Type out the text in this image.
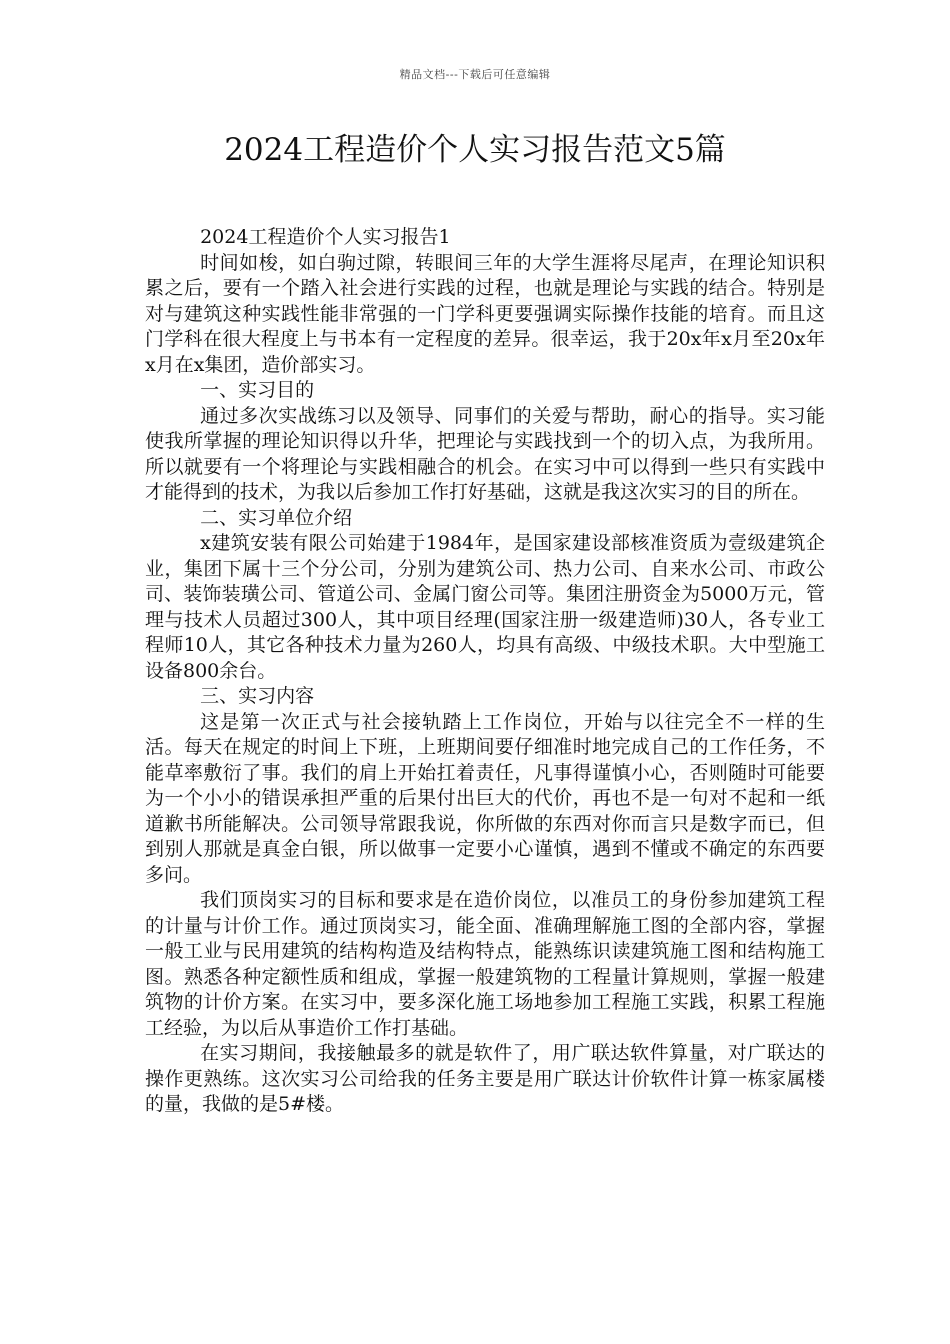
精品文档---下载后可任意编辑
2024工程造价个人实习报告范文5篇

2024工程造价个人实习报告1

时间如梭，如白驹过隙，转眼间三年的大学生涯将尽尾声，在理论知识积累之后，要有一个踏入社会进行实践的过程，也就是理论与实践的结合。特别是对与建筑这种实践性能非常强的一门学科更要强调实际操作技能的培育。而且这门学科在很大程度上与书本有一定程度的差异。很幸运，我于20x年x月至20x年x月在x集团，造价部实习。

一、实习目的

通过多次实战练习以及领导、同事们的关爱与帮助，耐心的指导。实习能使我所掌握的理论知识得以升华，把理论与实践找到一个的切入点，为我所用。所以就要有一个将理论与实践相融合的机会。在实习中可以得到一些只有实践中才能得到的技术，为我以后参加工作打好基础，这就是我这次实习的目的所在。

二、实习单位介绍

x建筑安装有限公司始建于1984年，是国家建设部核准资质为壹级建筑企业，集团下属十三个分公司，分别为建筑公司、热力公司、自来水公司、市政公司、装饰装璜公司、管道公司、金属门窗公司等。集团注册资金为5000万元，管理与技术人员超过300人，其中项目经理(国家注册一级建造师)30人，各专业工程师10人，其它各种技术力量为260人，均具有高级、中级技术职。大中型施工设备800余台。

三、实习内容

这是第一次正式与社会接轨踏上工作岗位，开始与以往完全不一样的生活。每天在规定的时间上下班，上班期间要仔细准时地完成自己的工作任务，不能草率敷衍了事。我们的肩上开始扛着责任，凡事得谨慎小心，否则随时可能要为一个小小的错误承担严重的后果付出巨大的代价，再也不是一句对不起和一纸道歉书所能解决。公司领导常跟我说，你所做的东西对你而言只是数字而已，但到别人那就是真金白银，所以做事一定要小心谨慎，遇到不懂或不确定的东西要多问。

我们顶岗实习的目标和要求是在造价岗位，以准员工的身份参加建筑工程的计量与计价工作。通过顶岗实习，能全面、准确理解施工图的全部内容，掌握一般工业与民用建筑的结构构造及结构特点，能熟练识读建筑施工图和结构施工图。熟悉各种定额性质和组成，掌握一般建筑物的工程量计算规则，掌握一般建筑物的计价方案。在实习中，要多深化施工场地参加工程施工实践，积累工程施工经验，为以后从事造价工作打基础。

在实习期间，我接触最多的就是软件了，用广联达软件算量，对广联达的操作更熟练。这次实习公司给我的任务主要是用广联达计价软件计算一栋家属楼的量，我做的是5#楼。
